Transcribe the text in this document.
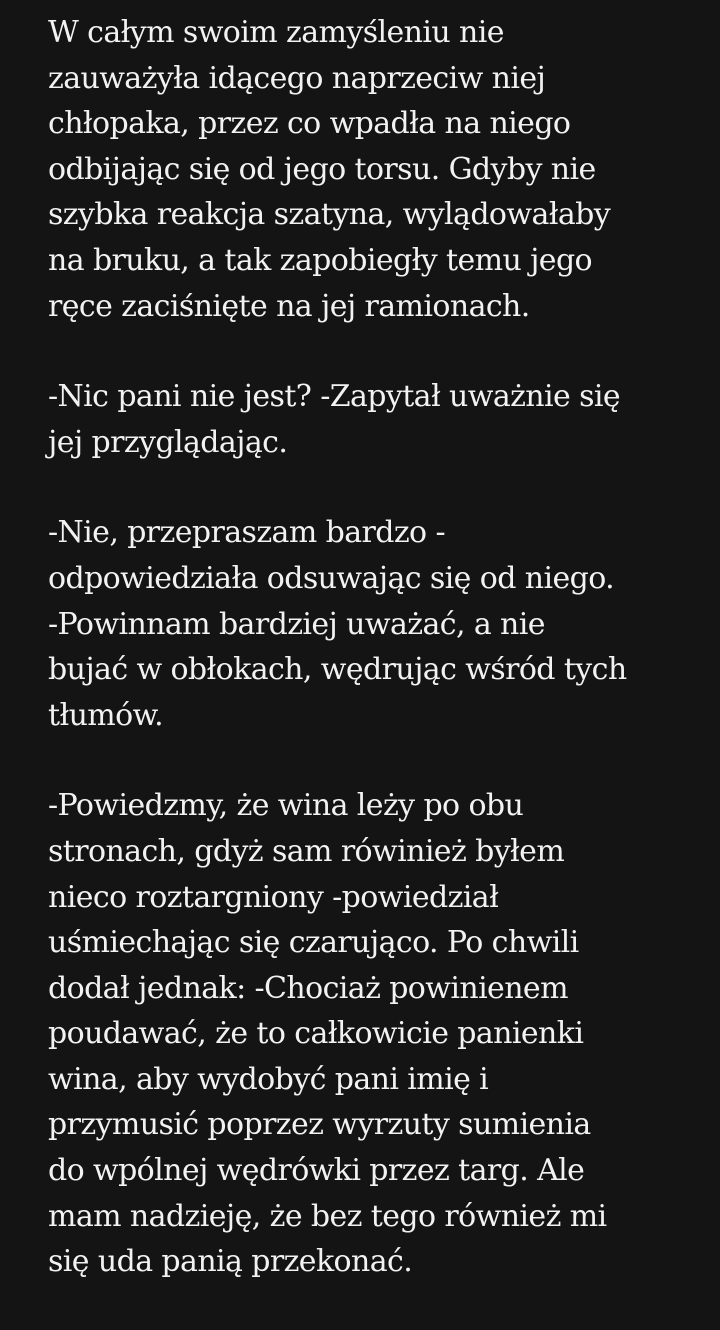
W całym swoim zamyśleniu nie
zauważyła idącego naprzeciw niej
chłopaka, przez co wpadła na niego
odbijając się od jego torsu. Gdyby nie
szybka reakcja szatyna, wylądowałaby
na bruku, a tak zapobiegły temu jego
ręce zaciśnięte na jej ramionach.

-Nic pani nie jest? -Zapytał uważnie się
jej przyglądając.

-Nie, przepraszam bardzo -
odpowiedziała odsuwając się od niego.
-Powinnam bardziej uważać, a nie
bujać w obłokach, wędrując wśród tych
tłumów.

-Powiedzmy, że wina leży po obu
stronach, gdyż sam rówinież byłem
nieco roztargniony -powiedział
uśmiechając się czarująco. Po chwili
dodał jednak: -Chociaż powinienem
poudawać, że to całkowicie panienki
wina, aby wydobyć pani imię i
przymusić poprzez wyrzuty sumienia
do wpólnej wędrówki przez targ. Ale
mam nadzieję, że bez tego również mi
się uda panią przekonać.
